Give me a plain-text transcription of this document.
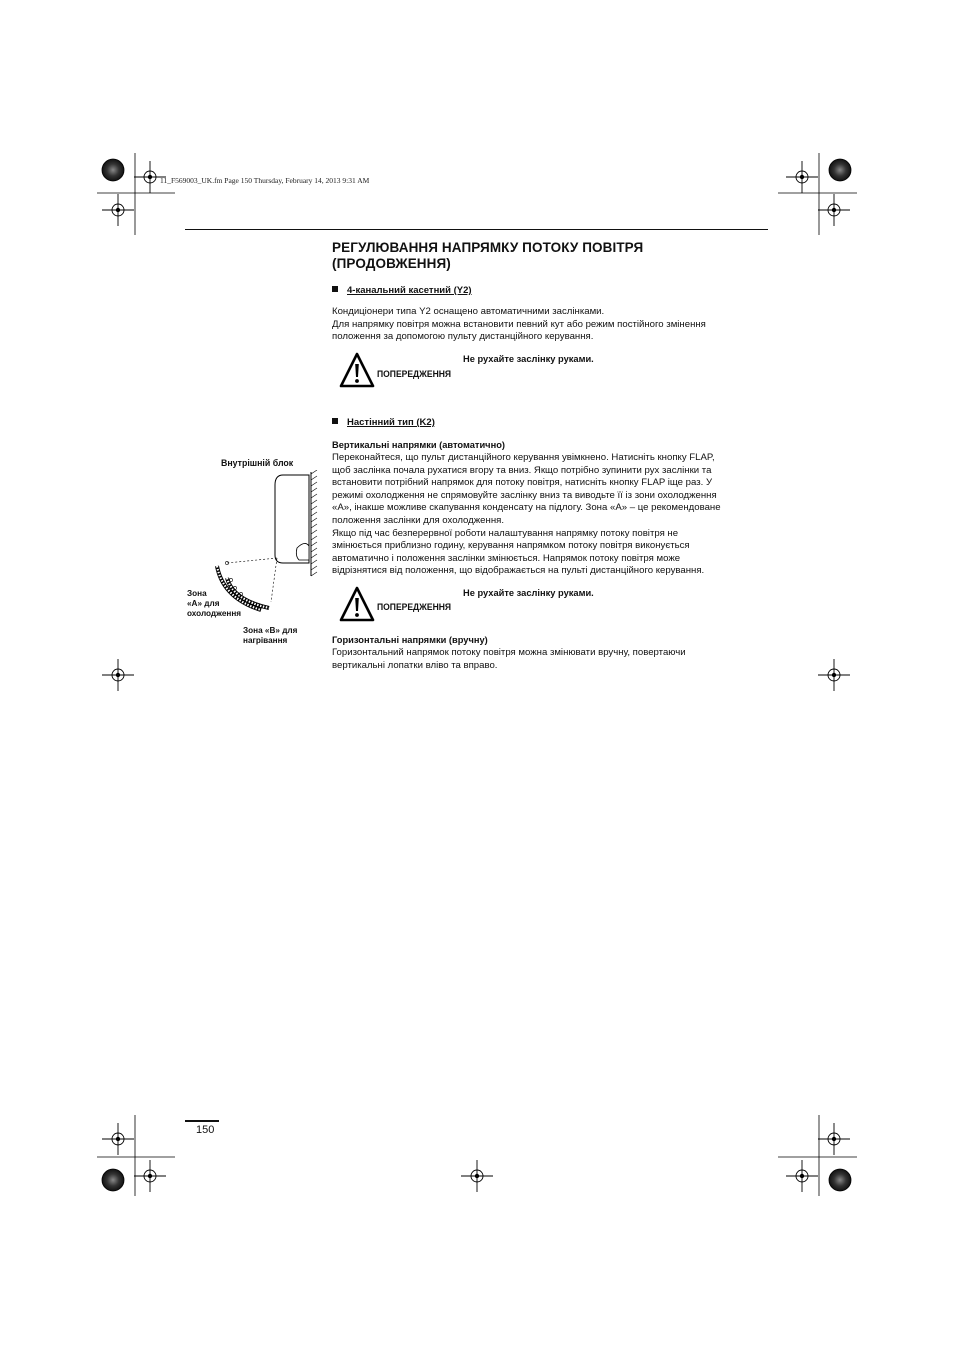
11_F569003_UK.fm Page 150 Thursday, February 14, 2013 9:31 AM
РЕГУЛЮВАННЯ НАПРЯМКУ ПОТОКУ ПОВІТРЯ
(ПРОДОВЖЕННЯ)
4-канальний касетний (Y2)
Кондиціонери типа Y2 оснащено автоматичними заслінками.
Для напрямку повітря можна встановити певний кут або режим постійного змінення
положення за допомогою пульту дистанційного керування.
ПОПЕРЕДЖЕННЯ
Не рухайте заслінку руками.
Настінний тип (K2)
Вертикальні напрямки (автоматично)
Переконайтеся, що пульт дистанційного керування увімкнено. Натисніть кнопку FLAP,
щоб заслінка почала рухатися вгору та вниз. Якщо потрібно зупинити рух заслінки та
встановити потрібний напрямок для потоку повітря, натисніть кнопку FLAP іще раз. У
режимі охолодження не спрямовуйте заслінку вниз та виводьте її із зони охолодження
«A», інакше можливе скапування конденсату на підлогу. Зона «A» – це рекомендоване
положення заслінки для охолодження.
Якщо під час безперервної роботи налаштування напрямку потоку повітря не
змінюється приблизно годину, керування напрямком потоку повітря виконується
автоматично і положення заслінки змінюється. Напрямок потоку повітря може
відрізнятися від положення, що відображається на пульті дистанційного керування.
ПОПЕРЕДЖЕННЯ
Не рухайте заслінку руками.
Горизонтальні напрямки (вручну)
Горизонтальний напрямок потоку повітря можна змінювати вручну, повертаючи
вертикальні лопатки вліво та вправо.
Внутрішній блок
Зона
«A» для
охолодження
Зона «B» для
нагрівання
150
